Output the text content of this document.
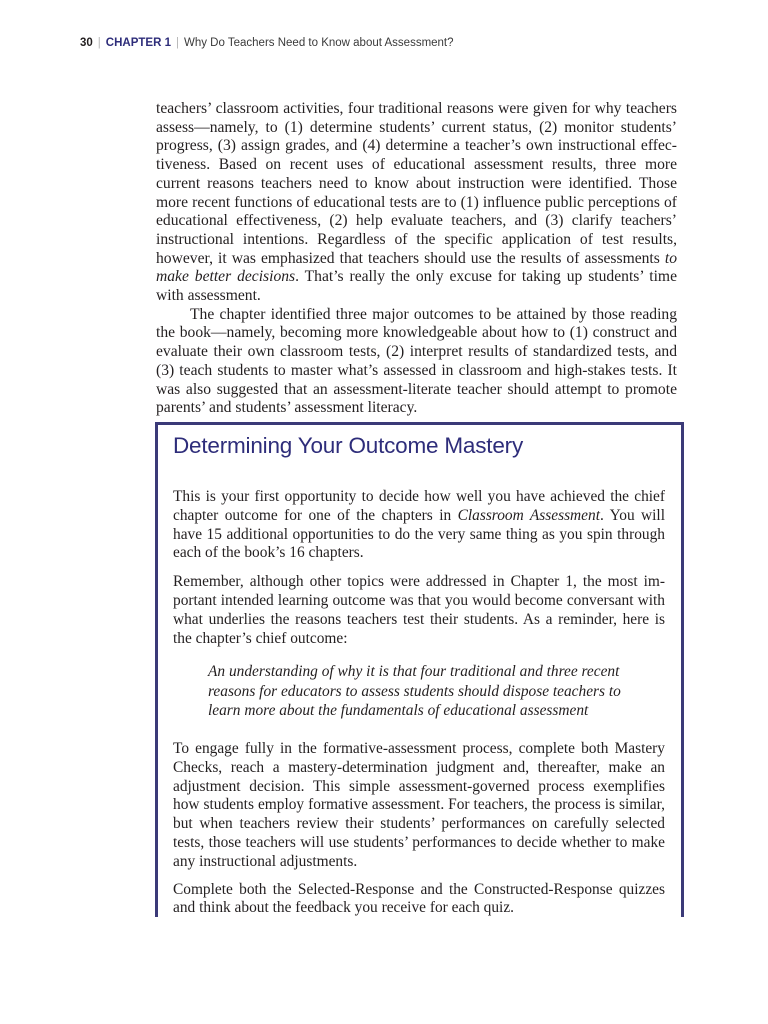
30 | CHAPTER 1 | Why Do Teachers Need to Know about Assessment?

teachers’ classroom activities, four traditional reasons were given for why teachers assess—namely, to (1) determine students’ current status, (2) monitor students’ progress, (3) assign grades, and (4) determine a teacher’s own instructional effectiveness. Based on recent uses of educational assessment results, three more current reasons teachers need to know about instruction were identified. Those more recent functions of educational tests are to (1) influence public perceptions of educational effectiveness, (2) help evaluate teachers, and (3) clarify teachers’ instructional intentions. Regardless of the specific application of test results, however, it was emphasized that teachers should use the results of assessments to make better decisions. That’s really the only excuse for taking up students’ time with assessment.

The chapter identified three major outcomes to be attained by those reading the book—namely, becoming more knowledgeable about how to (1) construct and evaluate their own classroom tests, (2) interpret results of standardized tests, and (3) teach students to master what’s assessed in classroom and high-stakes tests. It was also suggested that an assessment-literate teacher should attempt to promote parents’ and students’ assessment literacy.

Determining Your Outcome Mastery

This is your first opportunity to decide how well you have achieved the chief chapter outcome for one of the chapters in Classroom Assessment. You will have 15 additional opportunities to do the very same thing as you spin through each of the book’s 16 chapters.

Remember, although other topics were addressed in Chapter 1, the most important intended learning outcome was that you would become conversant with what underlies the reasons teachers test their students. As a reminder, here is the chapter’s chief outcome:

An understanding of why it is that four traditional and three recent reasons for educators to assess students should dispose teachers to learn more about the fundamentals of educational assessment

To engage fully in the formative-assessment process, complete both Mastery Checks, reach a mastery-determination judgment and, thereafter, make an adjustment decision. This simple assessment-governed process exemplifies how students employ formative assessment. For teachers, the process is similar, but when teachers review their students’ performances on carefully selected tests, those teachers will use students’ performances to decide whether to make any instructional adjustments.

Complete both the Selected-Response and the Constructed-Response quizzes and think about the feedback you receive for each quiz.
